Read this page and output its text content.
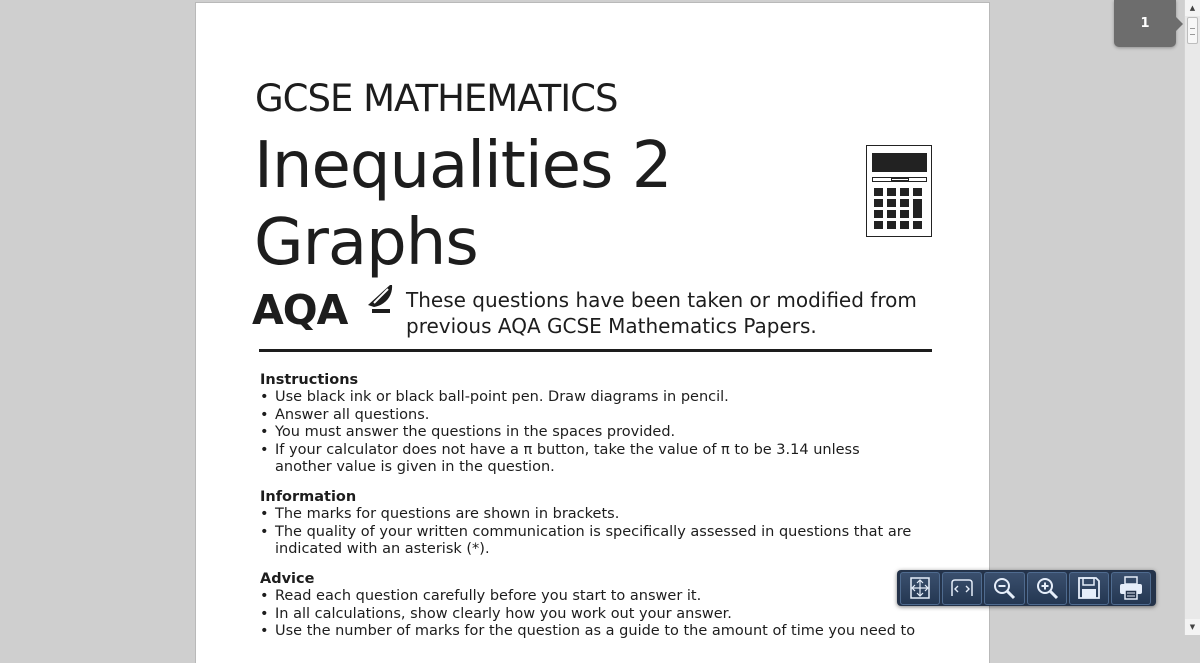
GCSE MATHEMATICS
Inequalities 2
Graphs
AQA	These questions have been taken or modified from
previous AQA GCSE Mathematics Papers.
Instructions
• Use black ink or black ball-point pen. Draw diagrams in pencil.
• Answer all questions.
• You must answer the questions in the spaces provided.
• If your calculator does not have a π button, take the value of π to be 3.14 unless another value is given in the question.
Information
• The marks for questions are shown in brackets.
• The quality of your written communication is specifically assessed in questions that are indicated with an asterisk (*).
Advice
• Read each question carefully before you start to answer it.
• In all calculations, show clearly how you work out your answer.
• Use the number of marks for the question as a guide to the amount of time you need to
▲
▼
1
